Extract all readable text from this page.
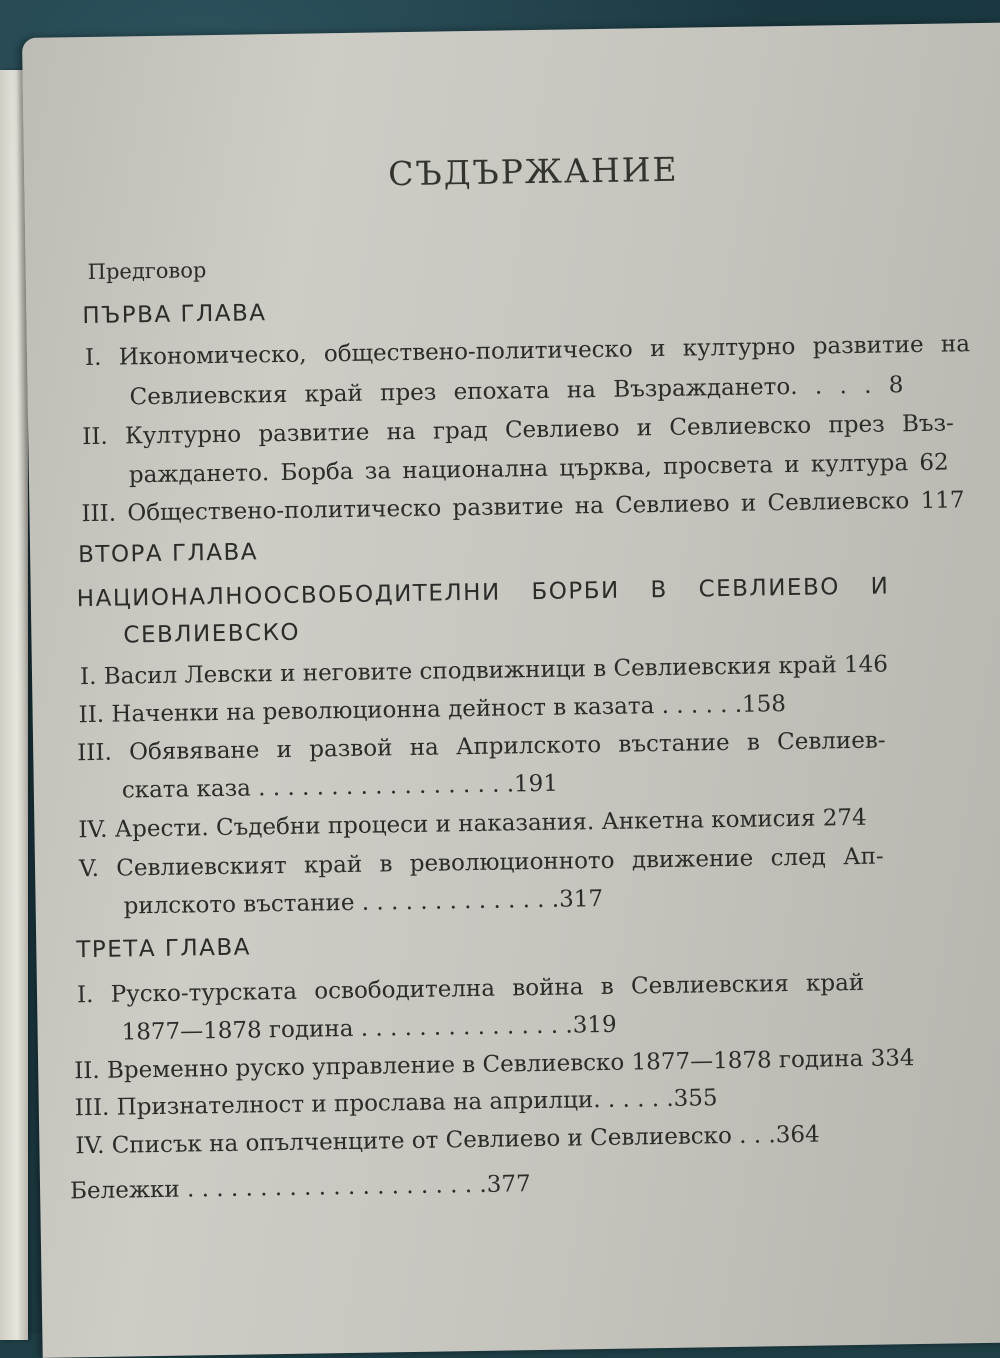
СЪДЪРЖАНИЕ
Предговор
ПЪРВА ГЛАВА
I. Икономическо, обществено-политическо и културно развитие на
Севлиевския край през епохата на Възраждането. . . . 8
II. Културно развитие на град Севлиево и Севлиевско през Въз-
раждането. Борба за национална църква, просвета и култура 62
III. Обществено-политическо развитие на Севлиево и Севлиевско 117
ВТОРА ГЛАВА
НАЦИОНАЛНООСВОБОДИТЕЛНИ БОРБИ В СЕВЛИЕВО И
СЕВЛИЕВСКО
I. Васил Левски и неговите сподвижници в Севлиевския край 146
II. Наченки на революционна дейност в казата . . . . . .158
III. Обявяване и развой на Априлското въстание в Севлиев-
ската каза . . . . . . . . . . . . . . . . . .191
IV. Арести. Съдебни процеси и наказания. Анкетна комисия 274
V. Севлиевският край в революционното движение след Ап-
рилското въстание . . . . . . . . . . . . . .317
ТРЕТА ГЛАВА
I. Руско-турската освободителна война в Севлиевския край
1877—1878 година . . . . . . . . . . . . . . .319
II. Временно руско управление в Севлиевско 1877—1878 година 334
III. Признателност и прослава на априлци. . . . . .355
IV. Списък на опълченците от Севлиево и Севлиевско . . .364
Бележки . . . . . . . . . . . . . . . . . . . . .377
